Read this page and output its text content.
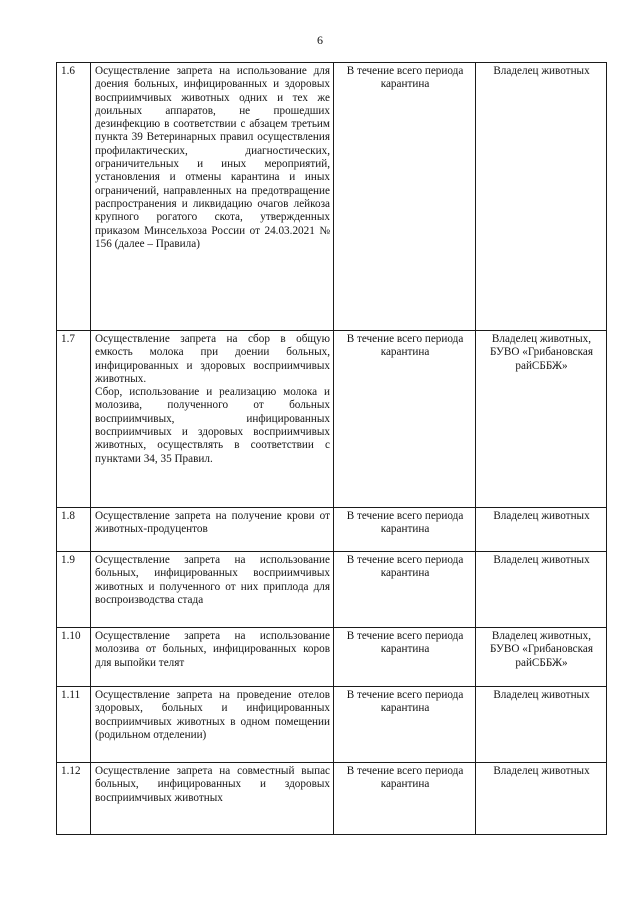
6
1.6	Осуществление запрета на использование для доения больных, инфицированных и здоровых восприимчивых животных одних и тех же доильных аппаратов, не прошедших дезинфекцию в соответствии с абзацем третьим пункта 39 Ветеринарных правил осуществления профилактических, диагностических, ограничительных и иных мероприятий, установления и отмены карантина и иных ограничений, направленных на предотвращение распространения и ликвидацию очагов лейкоза крупного рогатого скота, утвержденных приказом Минсельхоза России от 24.03.2021 № 156 (далее – Правила)	В течение всего периода карантина	Владелец животных
1.7	Осуществление запрета на сбор в общую емкость молока при доении больных, инфицированных и здоровых восприимчивых животных.
Сбор, использование и реализацию молока и молозива, полученного от больных восприимчивых, инфицированных восприимчивых и здоровых восприимчивых животных, осуществлять в соответствии с пунктами 34, 35 Правил.	В течение всего периода карантина	Владелец животных, БУВО «Грибановская райСББЖ»
1.8	Осуществление запрета на получение крови от животных-продуцентов	В течение всего периода карантина	Владелец животных
1.9	Осуществление запрета на использование больных, инфицированных восприимчивых животных и полученного от них приплода для воспроизводства стада	В течение всего периода карантина	Владелец животных
1.10	Осуществление запрета на использование молозива от больных, инфицированных коров для выпойки телят	В течение всего периода карантина	Владелец животных, БУВО «Грибановская райСББЖ»
1.11	Осуществление запрета на проведение отелов здоровых, больных и инфицированных восприимчивых животных в одном помещении (родильном отделении)	В течение всего периода карантина	Владелец животных
1.12	Осуществление запрета на совместный выпас больных, инфицированных и здоровых восприимчивых животных	В течение всего периода карантина	Владелец животных
